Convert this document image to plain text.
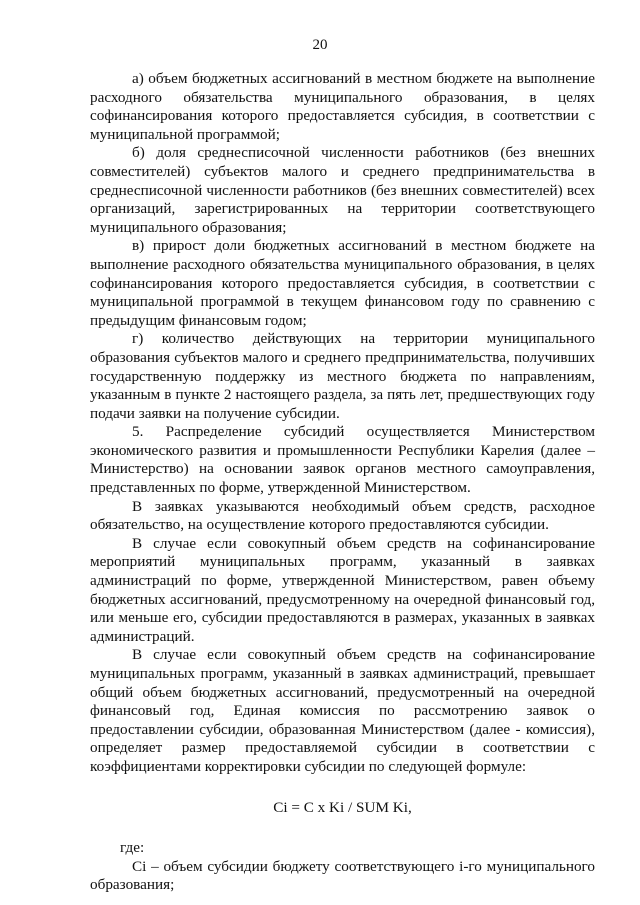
20

а) объем бюджетных ассигнований в местном бюджете на выполнение расходного обязательства муниципального образования, в целях софинансирования которого предоставляется субсидия, в соответствии с муниципальной программой;

б) доля среднесписочной численности работников (без внешних совместителей) субъектов малого и среднего предпринимательства в среднесписочной численности работников (без внешних совместителей) всех организаций, зарегистрированных на территории соответствующего муниципального образования;

в) прирост доли бюджетных ассигнований в местном бюджете на выполнение расходного обязательства муниципального образования, в целях софинансирования которого предоставляется субсидия, в соответствии с муниципальной программой в текущем финансовом году по сравнению с предыдущим финансовым годом;

г) количество действующих на территории муниципального образования субъектов малого и среднего предпринимательства, получивших государственную поддержку из местного бюджета по направлениям, указанным в пункте 2 настоящего раздела, за пять лет, предшествующих году подачи заявки на получение субсидии.

5. Распределение субсидий осуществляется Министерством экономического развития и промышленности Республики Карелия (далее – Министерство) на основании заявок органов местного самоуправления, представленных по форме, утвержденной Министерством.

В заявках указываются необходимый объем средств, расходное обязательство, на осуществление которого предоставляются субсидии.

В случае если совокупный объем средств на софинансирование мероприятий муниципальных программ, указанный в заявках администраций по форме, утвержденной Министерством, равен объему бюджетных ассигнований, предусмотренному на очередной финансовый год, или меньше его, субсидии предоставляются в размерах, указанных в заявках администраций.

В случае если совокупный объем средств на софинансирование муниципальных программ, указанный в заявках администраций, превышает общий объем бюджетных ассигнований, предусмотренный на очередной финансовый год, Единая комиссия по рассмотрению заявок о предоставлении субсидии, образованная Министерством (далее - комиссия), определяет размер предоставляемой субсидии в соответствии с коэффициентами корректировки субсидии по следующей формуле:

Ci = C x Ki / SUM Ki,

где:

Ci – объем субсидии бюджету соответствующего i-го муниципального образования;
